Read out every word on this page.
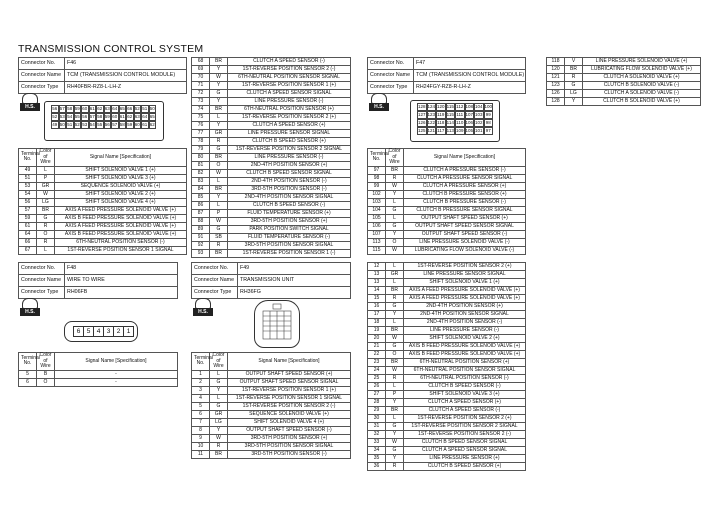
TRANSMISSION CONTROL SYSTEM
Connector No.	F46
Connector Name	TCM (TRANSMISSION CONTROL MODULE)
Connector Type	RH40FBR-RZ8-L-LH-Z
H.S.	56 57 58 59 60 61 62 63 64 65 66 52 51 50
52 53 54 55 56 57 58 59 60 61 62 63 64 65
49 50 51 52 53 54 55 56 57 58 59 60 61 62
Terminal No.	Color of Wire	Signal Name [Specification]
49	L	SHIFT SOLENOID VALVE 1 (+)
51	P	SHIFT SOLENOID VALVE 3 (+)
53	GR	SEQUENCE SOLENOID VALVE (+)
54	W	SHIFT SOLENOID VALVE 2 (+)
56	LG	SHIFT SOLENOID VALVE 4 (+)
57	BR	AXIS A FEED PRESSURE SOLENOID VALVE (+)
59	G	AXIS B FEED PRESSURE SOLENOID VALVE (+)
61	R	AXIS A FEED PRESSURE SOLENOID VALVE (+)
64	O	AXIS B FEED PRESSURE SOLENOID VALVE (+)
66	R	6TH-NEUTRAL POSITION SENSOR (-)
67	L	1ST-REVERSE POSITION SENSOR 1 SIGNAL
68	BR	CLUTCH A SPEED SENSOR (-)
69	Y	1ST-REVERSE POSITION SENSOR 2 (-)
70	W	6TH-NEUTRAL POSITION SENSOR SIGNAL
71	Y	1ST-REVERSE POSITION SENSOR 1 (+)
72	G	CLUTCH A SPEED SENSOR SIGNAL
73	Y	LINE PRESSURE SENSOR (-)
74	BR	6TH-NEUTRAL POSITION SENSOR (+)
75	L	1ST-REVERSE POSITION SENSOR 2 (+)
76	Y	CLUTCH A SPEED SENSOR (+)
77	GR	LINE PRESSURE SENSOR SIGNAL
78	R	CLUTCH B SPEED SENSOR (+)
79	G	1ST-REVERSE POSITION SENSOR 2 SIGNAL
80	BR	LINE PRESSURE SENSOR (-)
81	O	2ND-4TH POSITION SENSOR (+)
82	W	CLUTCH B SPEED SENSOR SIGNAL
83	L	2ND-4TH POSITION SENSOR (-)
84	BR	3RD-5TH POSITION SENSOR (-)
85	Y	2ND-4TH POSITION SENSOR SIGNAL
86	L	CLUTCH B SPEED SENSOR (-)
87	P	FLUID TEMPERATURE SENSOR (+)
88	W	3RD-5TH POSITION SENSOR (+)
89	G	PARK POSITION SWITCH SIGNAL
91	SB	FLUID TEMPERATURE SENSOR (-)
92	R	3RD-5TH POSITION SENSOR SIGNAL
93	BR	1ST-REVERSE POSITION SENSOR 1 (-)
Connector No.	F47
Connector Name	TCM (TRANSMISSION CONTROL MODULE)
Connector Type	RH24FGY-RZ8-R-LH-Z
H.S.	128 124 120 115 112 108 104 100
127 123 119 115 111 107 103 99
126 122 118 114 110 106 102 98
125 121 117 113 109 105 101 97
Terminal No.	Color of Wire	Signal Name [Specification]
97	BR	CLUTCH A PRESSURE SENSOR (-)
98	R	CLUTCH A PRESSURE SENSOR SIGNAL
99	W	CLUTCH A PRESSURE SENSOR (+)
102	Y	CLUTCH B PRESSURE SENSOR (+)
103	L	CLUTCH B PRESSURE SENSOR (-)
104	G	CLUTCH B PRESSURE SENSOR SIGNAL
105	L	OUTPUT SHAFT SPEED SENSOR (+)
106	G	OUTPUT SHAFT SPEED SENSOR SIGNAL
107	Y	OUTPUT SHAFT SPEED SENSOR (-)
113	O	LINE PRESSURE SOLENOID VALVE (-)
115	W	LUBRICATING FLOW SOLENOID VALVE (-)
118	V	LINE PRESSURE SOLENOID VALVE (+)
120	BR	LUBRICATING FLOW SOLENOID VALVE (+)
121	R	CLUTCH A SOLENOID VALVE (+)
123	G	CLUTCH B SOLENOID VALVE (-)
126	LG	CLUTCH A SOLENOID VALVE (-)
128	Y	CLUTCH B SOLENOID VALVE (+)
Connector No.	F48
Connector Name	WIRE TO WIRE
Connector Type	RH06FB
H.S.
6 5 4 3 2 1
Terminal No.	Color of Wire	Signal Name [Specification]
5	B	-
6	O	-
Connector No.	F49
Connector Name	TRANSMISSION UNIT
Connector Type	RH36FG
H.S.
Terminal No.	Color of Wire	Signal Name [Specification]
1	L	OUTPUT SHAFT SPEED SENSOR (+)
2	G	OUTPUT SHAFT SPEED SENSOR SIGNAL
3	Y	1ST-REVERSE POSITION SENSOR 1 (+)
4	L	1ST-REVERSE POSITION SENSOR 1 SIGNAL
5	G	1ST-REVERSE POSITION SENSOR 2 (-)
6	GR	SEQUENCE SOLENOID VALVE (+)
7	LG	SHIFT SOLENOID VALVE 4 (+)
8	Y	OUTPUT SHAFT SPEED SENSOR (-)
9	W	3RD-5TH POSITION SENSOR (+)
10	R	3RD-5TH POSITION SENSOR SIGNAL
11	BR	3RD-5TH POSITION SENSOR (-)
12	L	1ST-REVERSE POSITION SENSOR 2 (+)
13	GR	LINE PRESSURE SENSOR SIGNAL
13	L	SHIFT SOLENOID VALVE 1 (+)
14	BR	AXIS A FEED PRESSURE SOLENOID VALVE (+)
15	R	AXIS A FEED PRESSURE SOLENOID VALVE (+)
16	G	2ND-4TH POSITION SENSOR (+)
17	Y	2ND-4TH POSITION SENSOR SIGNAL
18	L	2ND-4TH POSITION SENSOR (-)
19	BR	LINE PRESSURE SENSOR (-)
20	W	SHIFT SOLENOID VALVE 2 (+)
21	G	AXIS B FEED PRESSURE SOLENOID VALVE (+)
22	O	AXIS B FEED PRESSURE SOLENOID VALVE (+)
23	BR	6TH-NEUTRAL POSITION SENSOR (+)
24	W	6TH-NEUTRAL POSITION SENSOR SIGNAL
25	R	6TH-NEUTRAL POSITION SENSOR (-)
26	L	CLUTCH B SPEED SENSOR (-)
27	P	SHIFT SOLENOID VALVE 3 (+)
28	Y	CLUTCH A SPEED SENSOR (+)
29	BR	CLUTCH A SPEED SENSOR (-)
30	L	1ST-REVERSE POSITION SENSOR 2 (+)
31	G	1ST-REVERSE POSITION SENSOR 2 SIGNAL
32	Y	1ST-REVERSE POSITION SENSOR 2 (-)
33	W	CLUTCH B SPEED SENSOR SIGNAL
34	G	CLUTCH A SPEED SENSOR SIGNAL
35	Y	LINE PRESSURE SENSOR (+)
36	R	CLUTCH B SPEED SENSOR (+)
